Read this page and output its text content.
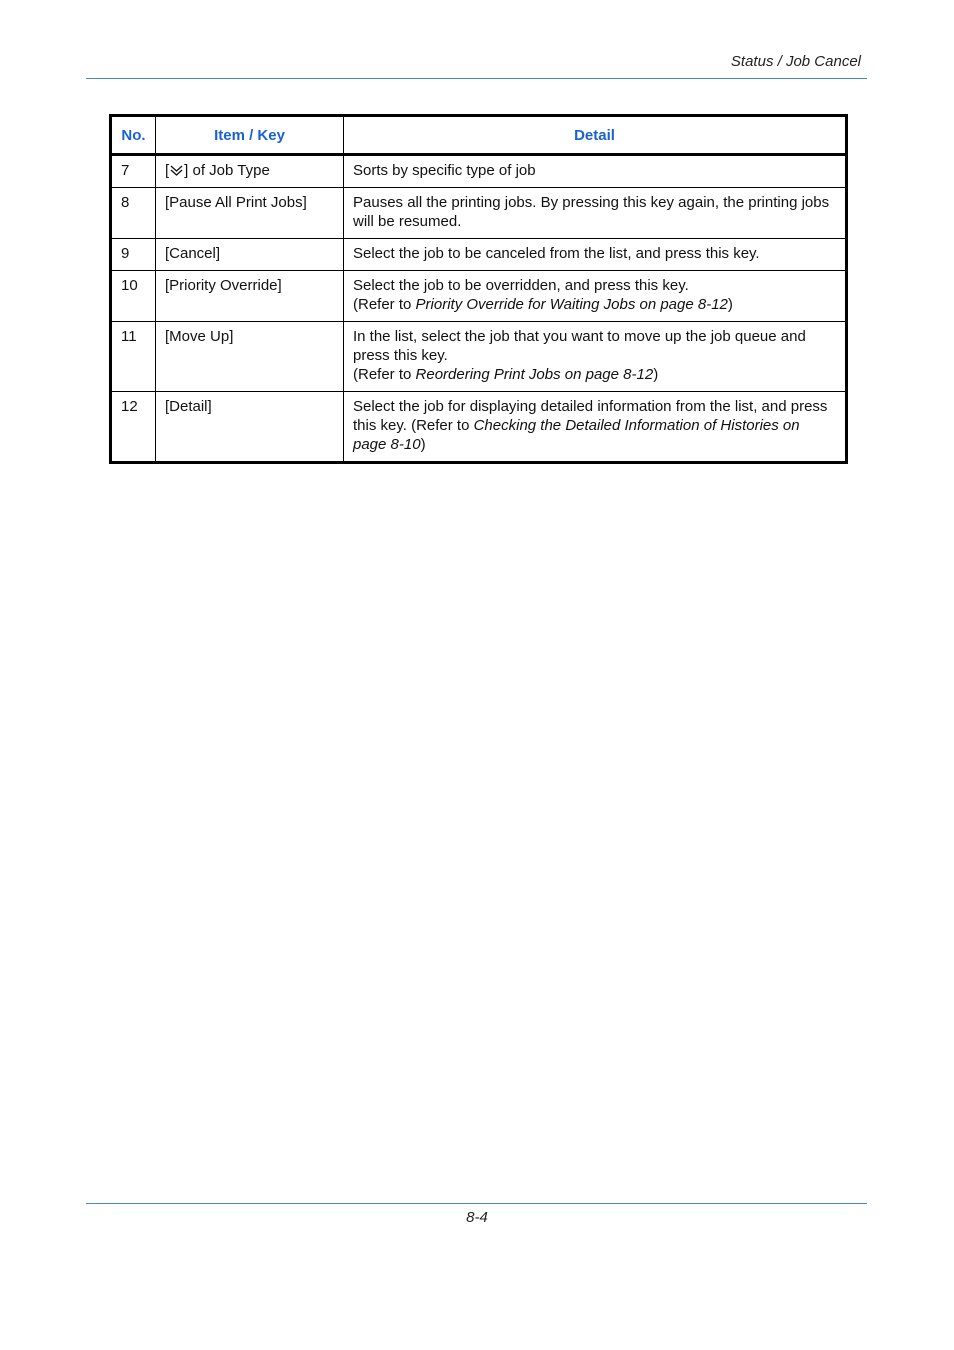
Status / Job Cancel
No.	Item / Key	Detail
7	[ ] of Job Type	Sorts by specific type of job
8	[Pause All Print Jobs]	Pauses all the printing jobs. By pressing this key again, the printing jobs will be resumed.
9	[Cancel]	Select the job to be canceled from the list, and press this key.
10	[Priority Override]	Select the job to be overridden, and press this key.
(Refer to Priority Override for Waiting Jobs on page 8-12)
11	[Move Up]	In the list, select the job that you want to move up the job queue and press this key.
(Refer to Reordering Print Jobs on page 8-12)
12	[Detail]	Select the job for displaying detailed information from the list, and press this key. (Refer to Checking the Detailed Information of Histories on page 8-10)
8-4
